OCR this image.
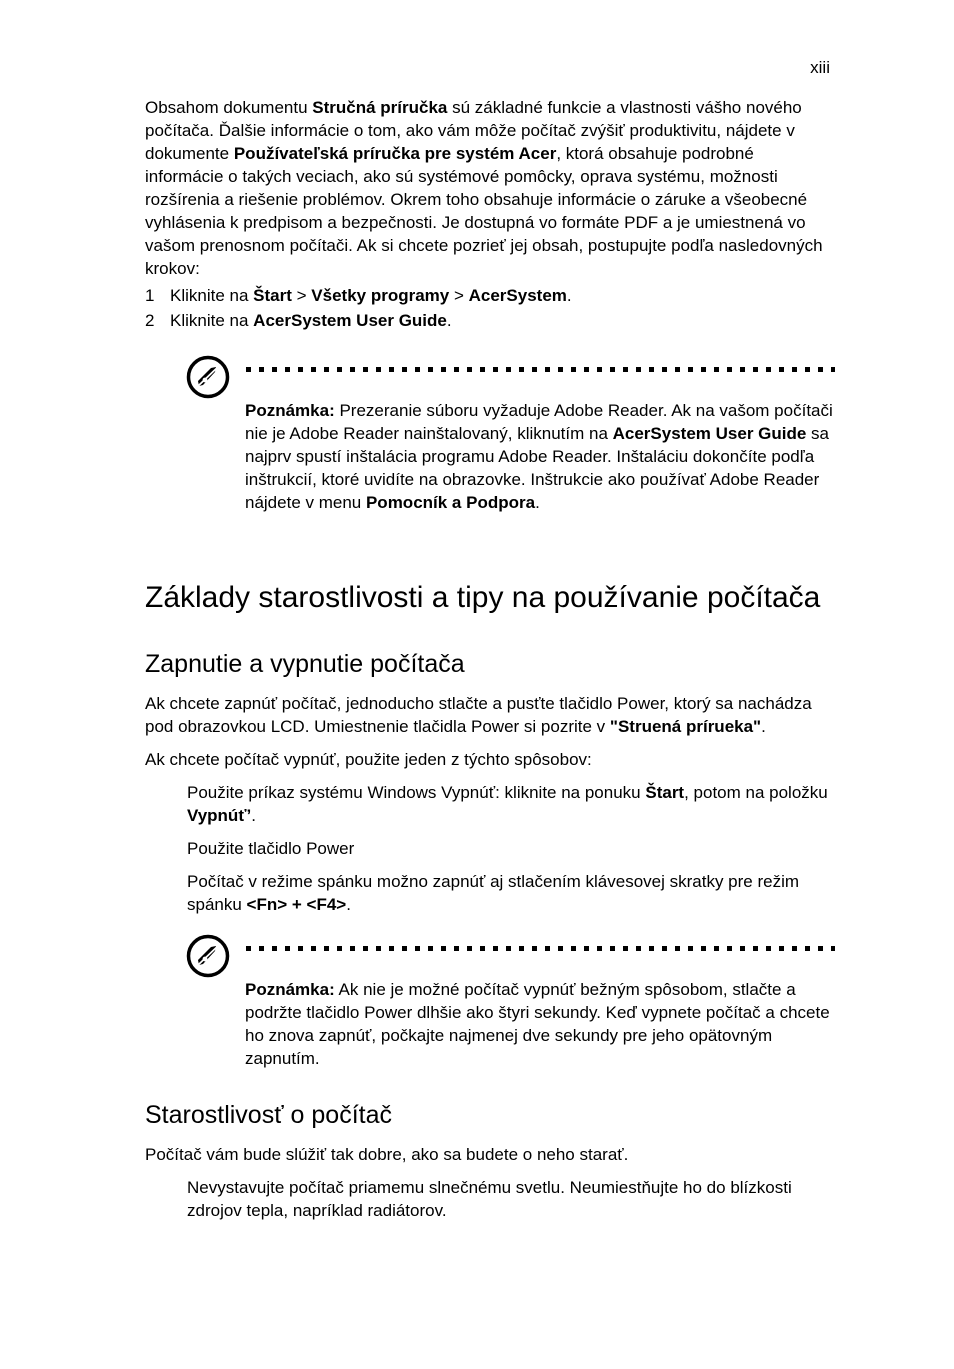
xiii

Obsahom dokumentu Stručná príručka sú základné funkcie a vlastnosti vášho nového počítača. Ďalšie informácie o tom, ako vám môže počítač zvýšiť produktivitu, nájdete v dokumente Používateľská príručka pre systém Acer, ktorá obsahuje podrobné informácie o takých veciach, ako sú systémové pomôcky, oprava systému, možnosti rozšírenia a riešenie problémov. Okrem toho obsahuje informácie o záruke a všeobecné vyhlásenia k predpisom a bezpečnosti. Je dostupná vo formáte PDF a je umiestnená vo vašom prenosnom počítači. Ak si chcete pozrieť jej obsah, postupujte podľa nasledovných krokov:

1 Kliknite na Štart > Všetky programy > AcerSystem.
2 Kliknite na AcerSystem User Guide.

Poznámka: Prezeranie súboru vyžaduje Adobe Reader. Ak na vašom počítači nie je Adobe Reader nainštalovaný, kliknutím na AcerSystem User Guide sa najprv spustí inštalácia programu Adobe Reader. Inštaláciu dokončíte podľa inštrukcií, ktoré uvidíte na obrazovke. Inštrukcie ako používať Adobe Reader nájdete v menu Pomocník a Podpora.

Základy starostlivosti a tipy na používanie počítača
Zapnutie a vypnutie počítača

Ak chcete zapnúť počítač, jednoducho stlačte a pusťte tlačidlo Power, ktorý sa nachádza pod obrazovkou LCD. Umiestnenie tlačidla Power si pozrite v "Struená prírueka".

Ak chcete počítač vypnúť, použite jeden z týchto spôsobov:

Použite príkaz systému Windows Vypnúť: kliknite na ponuku Štart, potom na položku Vypnúť’.

Použite tlačidlo Power

Počítač v režime spánku možno zapnúť aj stlačením klávesovej skratky pre režim spánku <Fn> + <F4>.

Poznámka: Ak nie je možné počítač vypnúť bežným spôsobom, stlačte a podržte tlačidlo Power dlhšie ako štyri sekundy. Keď vypnete počítač a chcete ho znova zapnúť, počkajte najmenej dve sekundy pre jeho opätovným zapnutím.

Starostlivosť o počítač

Počítač vám bude slúžiť tak dobre, ako sa budete o neho starať.

Nevystavujte počítač priamemu slnečnému svetlu. Neumiestňujte ho do blízkosti zdrojov tepla, napríklad radiátorov.
